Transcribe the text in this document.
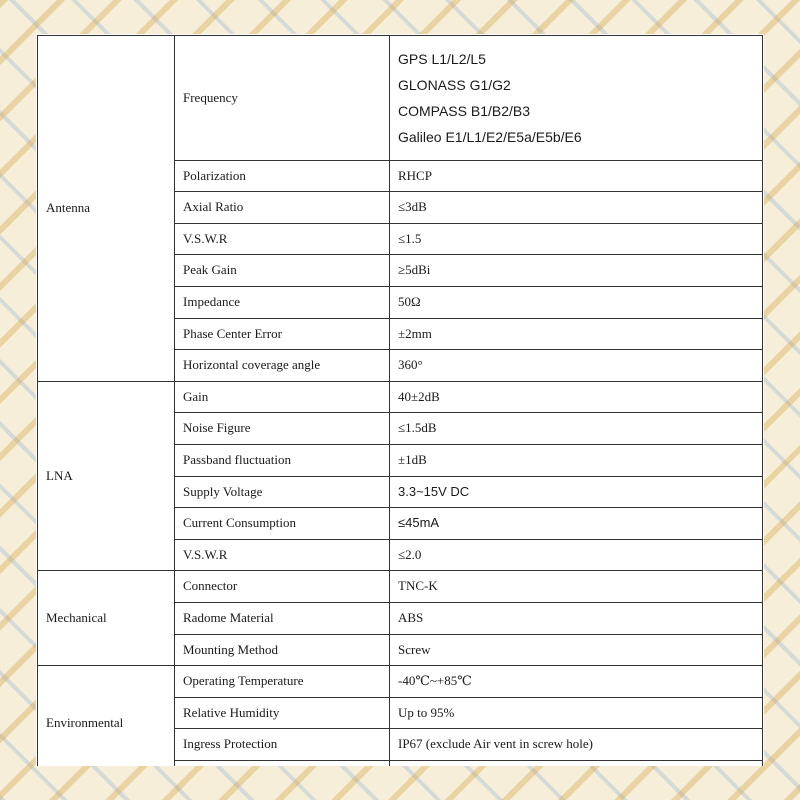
Antenna	Frequency	GPS L1/L2/L5
GLONASS G1/G2
COMPASS B1/B2/B3
Galileo E1/L1/E2/E5a/E5b/E6

	Polarization	RHCP
	Axial Ratio	≤3dB
	V.S.W.R	≤1.5
	Peak Gain	≥5dBi
	Impedance	50Ω
	Phase Center Error	±2mm
	Horizontal coverage angle	360°
LNA	Gain	40±2dB
	Noise Figure	≤1.5dB
	Passband fluctuation	±1dB
	Supply Voltage	3.3~15V DC
	Current Consumption	≤45mA
	V.S.W.R	≤2.0
Mechanical	Connector	TNC-K
	Radome Material	ABS
	Mounting Method	Screw
Environmental	Operating Temperature	-40℃~+85℃
	Relative Humidity	Up to 95%
	Ingress Protection	IP67 (exclude Air vent in screw hole)
